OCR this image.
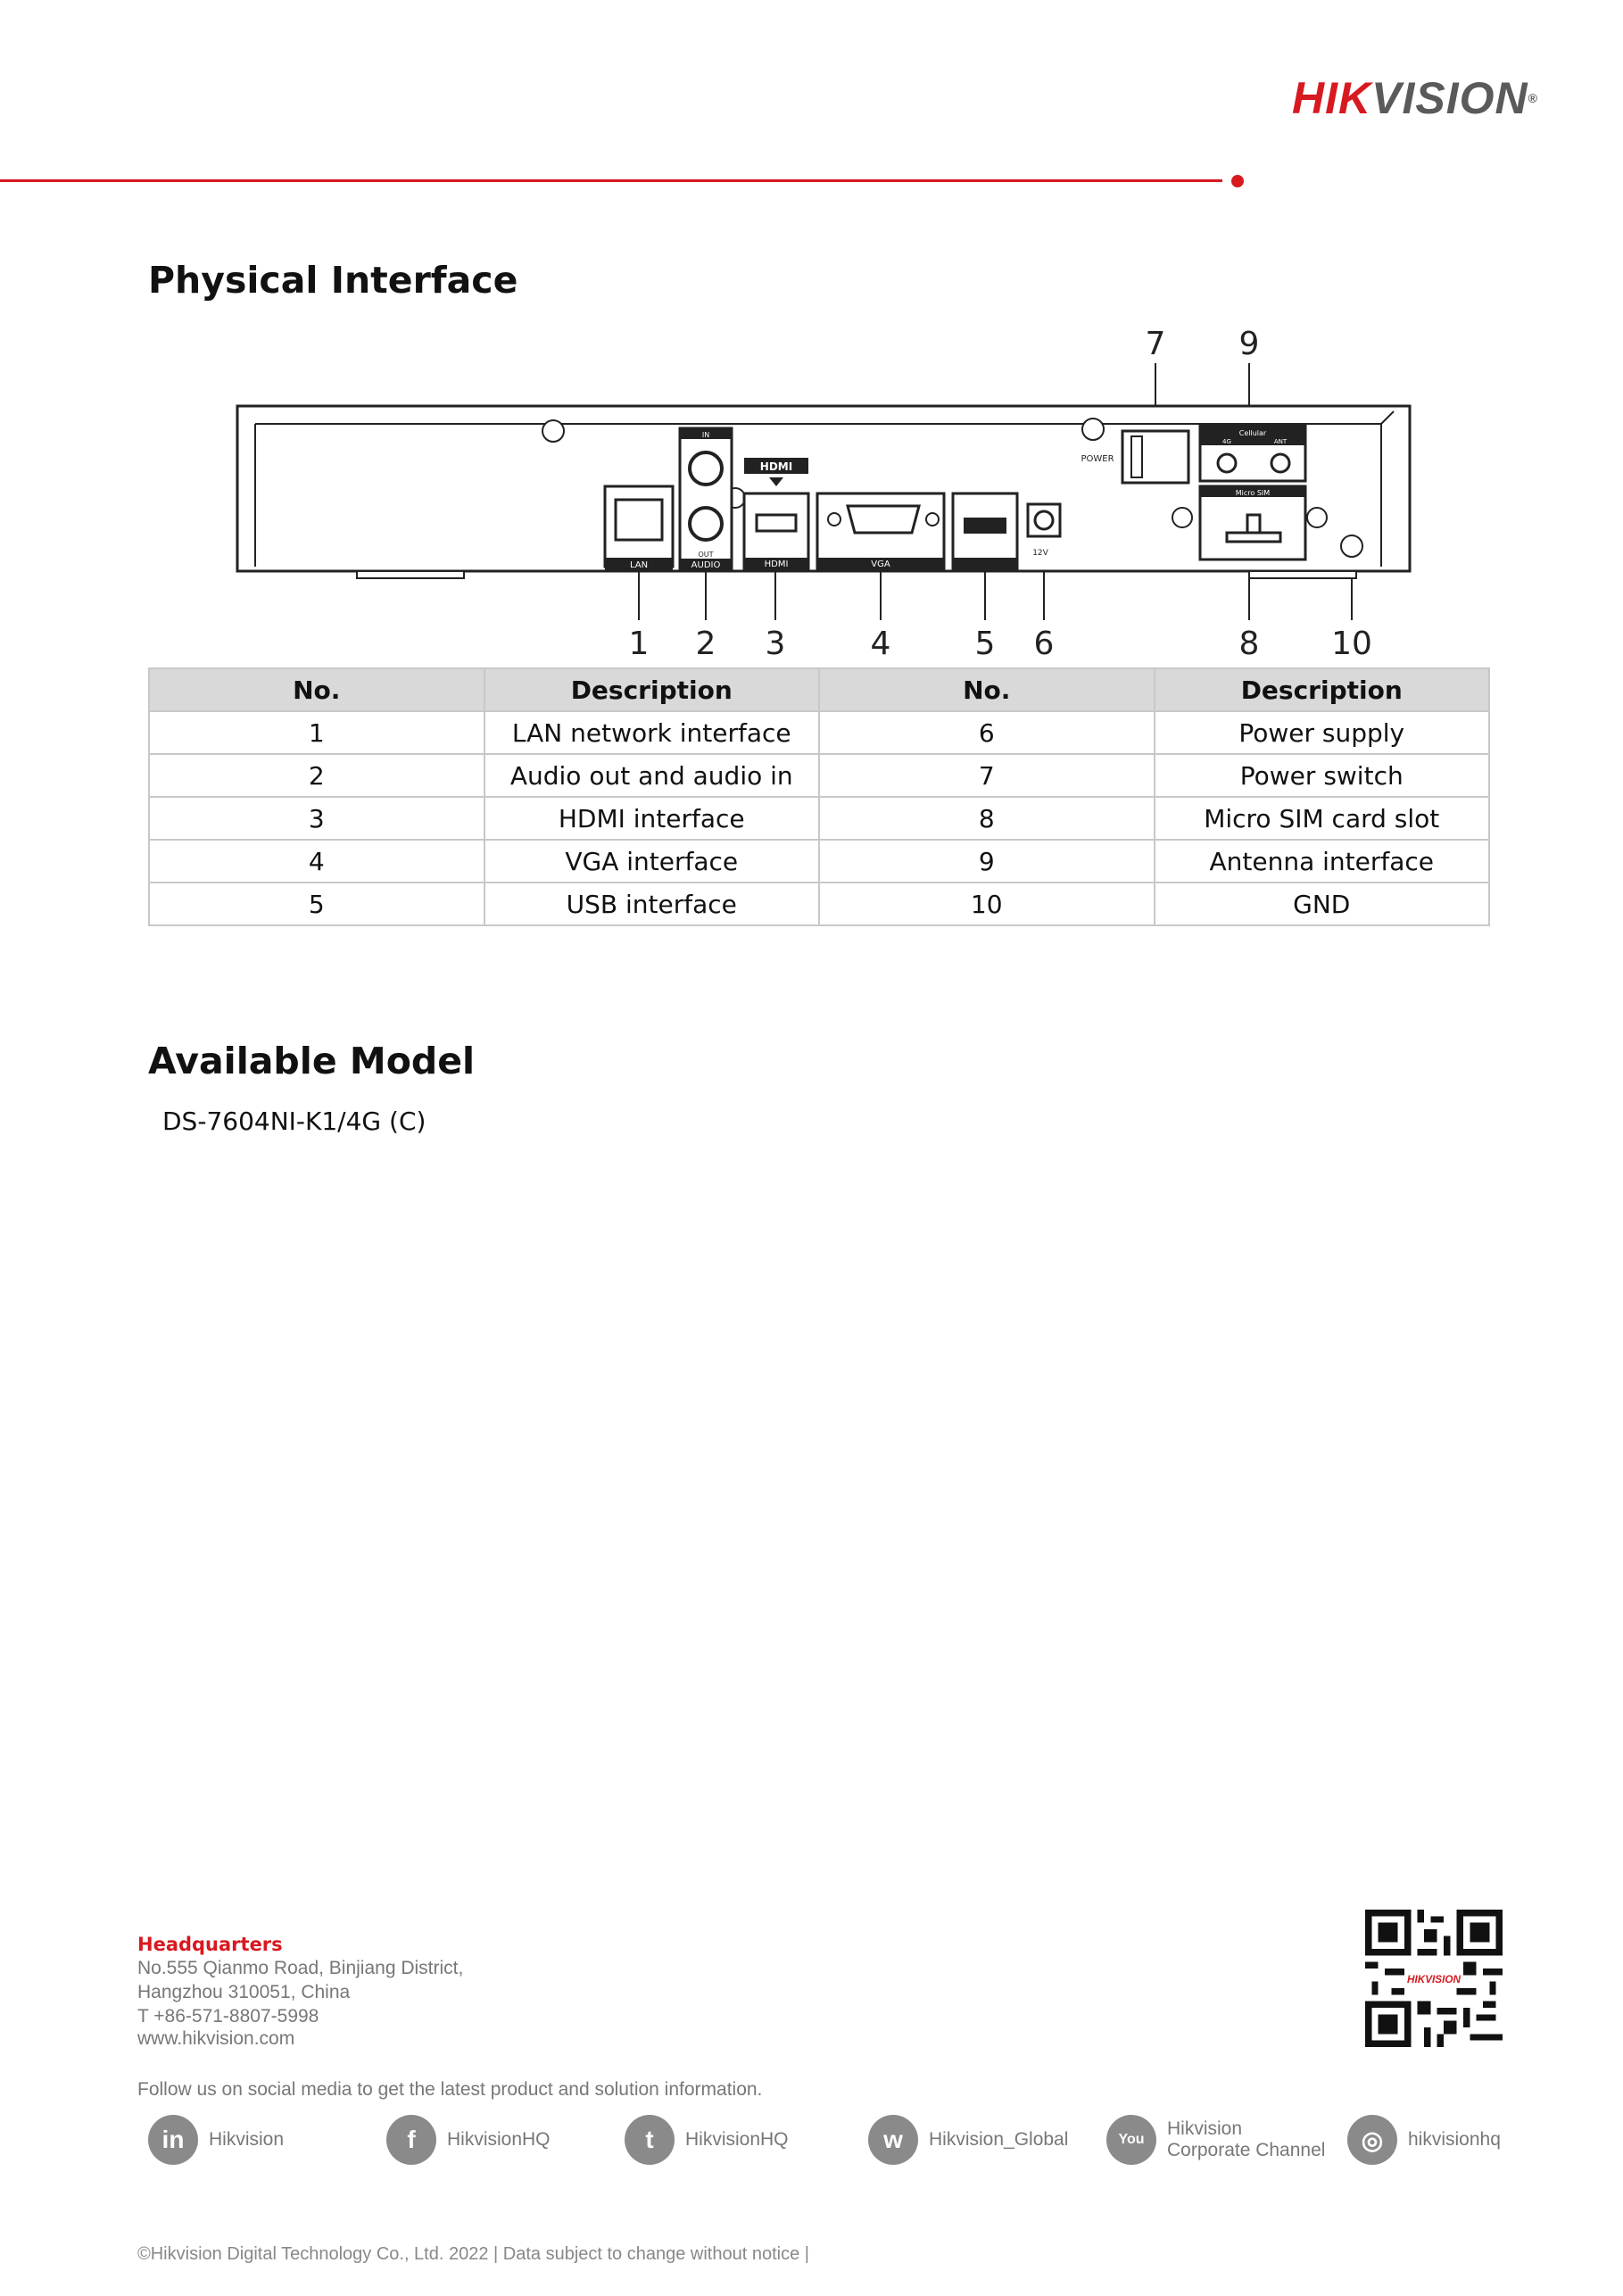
HIKVISION®
Physical Interface
1 2 3	4	5 6
7
8
9
10
LAN
IN
OUT
AUDIO
HDMI
HDMI	VGA
12V
POWER
Cellular
4G	ANT
Micro SIM
No.	Description	No.	Description
1	LAN network interface	6	Power supply
2	Audio out and audio in	7	Power switch
3	HDMI interface	8	Micro SIM card slot
4	VGA interface	9	Antenna interface
5	USB interface	10	GND
Available Model
DS-7604NI-K1/4G (C)
Headquarters
No.555 Qianmo Road, Binjiang District,
Hangzhou 310051, China
T +86-571-8807-5998
www.hikvision.com
HIKVISION
Follow us on social media to get the latest product and solution information.
in	Hikvision	f	HikvisionHQ	t	HikvisionHQ	w	Hikvision_Global	You
Hikvision
Corporate Channel	◎	hikvisionhq
©Hikvision Digital Technology Co., Ltd. 2022 | Data subject to change without notice |
